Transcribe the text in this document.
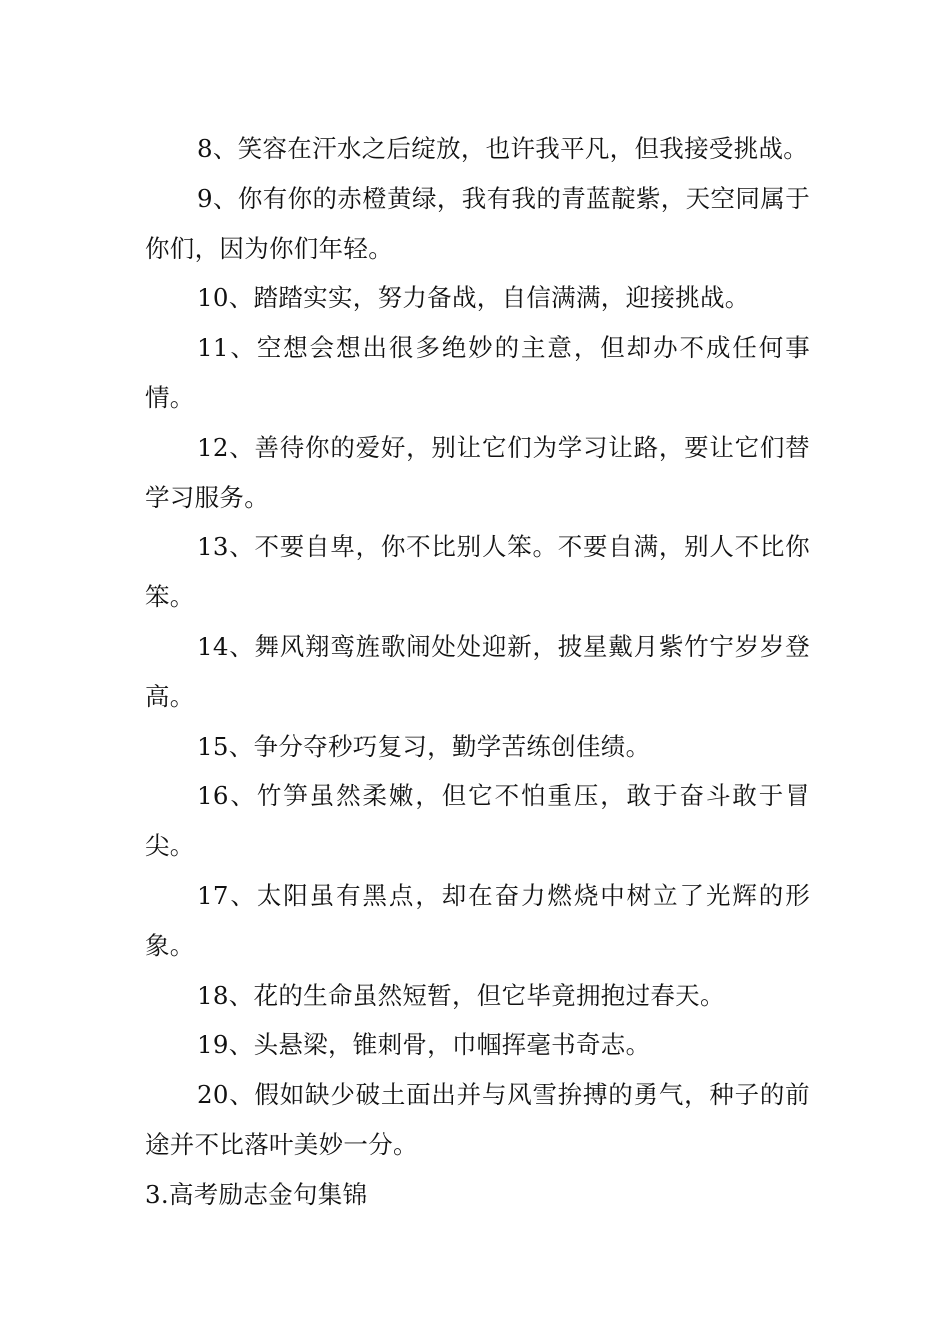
8、笑容在汗水之后绽放，也许我平凡，但我接受挑战。

9、你有你的赤橙黄绿，我有我的青蓝靛紫，天空同属于你们，因为你们年轻。

10、踏踏实实，努力备战，自信满满，迎接挑战。

11、空想会想出很多绝妙的主意，但却办不成任何事情。

12、善待你的爱好，别让它们为学习让路，要让它们替学习服务。

13、不要自卑，你不比别人笨。不要自满，别人不比你笨。

14、舞风翔鸾旌歌闹处处迎新，披星戴月紫竹宁岁岁登高。

15、争分夺秒巧复习，勤学苦练创佳绩。

16、竹笋虽然柔嫩，但它不怕重压，敢于奋斗敢于冒尖。

17、太阳虽有黑点，却在奋力燃烧中树立了光辉的形象。

18、花的生命虽然短暂，但它毕竟拥抱过春天。

19、头悬梁，锥刺骨，巾帼挥毫书奇志。

20、假如缺少破土面出并与风雪拚搏的勇气，种子的前途并不比落叶美妙一分。

3.高考励志金句集锦
